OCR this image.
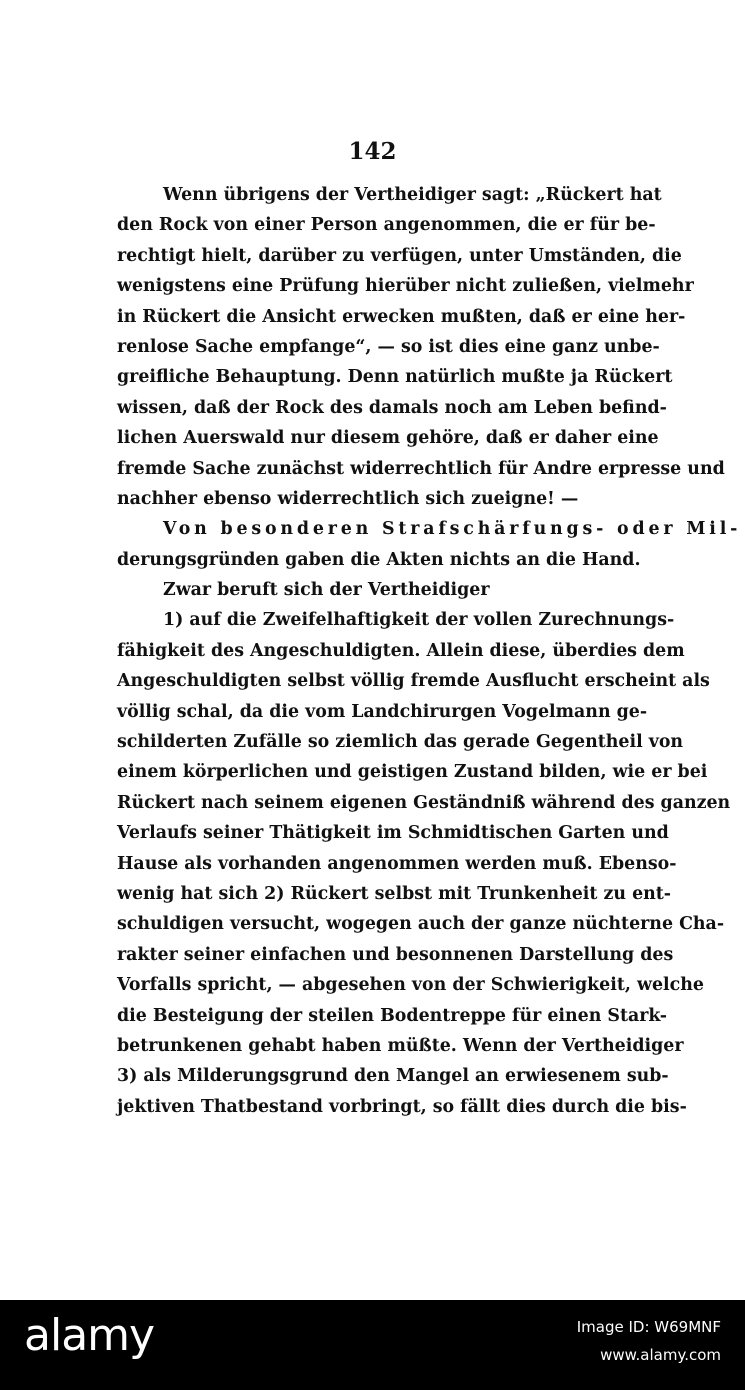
142

Wenn übrigens der Vertheidiger sagt: „Rückert hat
den Rock von einer Person angenommen, die er für be-
rechtigt hielt, darüber zu verfügen, unter Umständen, die
wenigstens eine Prüfung hierüber nicht zuließen, vielmehr
in Rückert die Ansicht erwecken mußten, daß er eine her-
renlose Sache empfange“, — so ist dies eine ganz unbe-
greifliche Behauptung. Denn natürlich mußte ja Rückert
wissen, daß der Rock des damals noch am Leben befind-
lichen Auerswald nur diesem gehöre, daß er daher eine
fremde Sache zunächst widerrechtlich für Andre erpresse und
nachher ebenso widerrechtlich sich zueigne! —
Von besonderen Strafschärfungs- oder Mil-
derungsgründen gaben die Akten nichts an die Hand.
Zwar beruft sich der Vertheidiger
1) auf die Zweifelhaftigkeit der vollen Zurechnungs-
fähigkeit des Angeschuldigten. Allein diese, überdies dem
Angeschuldigten selbst völlig fremde Ausflucht erscheint als
völlig schal, da die vom Landchirurgen Vogelmann ge-
schilderten Zufälle so ziemlich das gerade Gegentheil von
einem körperlichen und geistigen Zustand bilden, wie er bei
Rückert nach seinem eigenen Geständniß während des ganzen
Verlaufs seiner Thätigkeit im Schmidtischen Garten und
Hause als vorhanden angenommen werden muß. Ebenso-
wenig hat sich 2) Rückert selbst mit Trunkenheit zu ent-
schuldigen versucht, wogegen auch der ganze nüchterne Cha-
rakter seiner einfachen und besonnenen Darstellung des
Vorfalls spricht, — abgesehen von der Schwierigkeit, welche
die Besteigung der steilen Bodentreppe für einen Stark-
betrunkenen gehabt haben müßte. Wenn der Vertheidiger
3) als Milderungsgrund den Mangel an erwiesenem sub-
jektiven Thatbestand vorbringt, so fällt dies durch die bis-
alamy	Image ID: W69MNF
www.alamy.com
